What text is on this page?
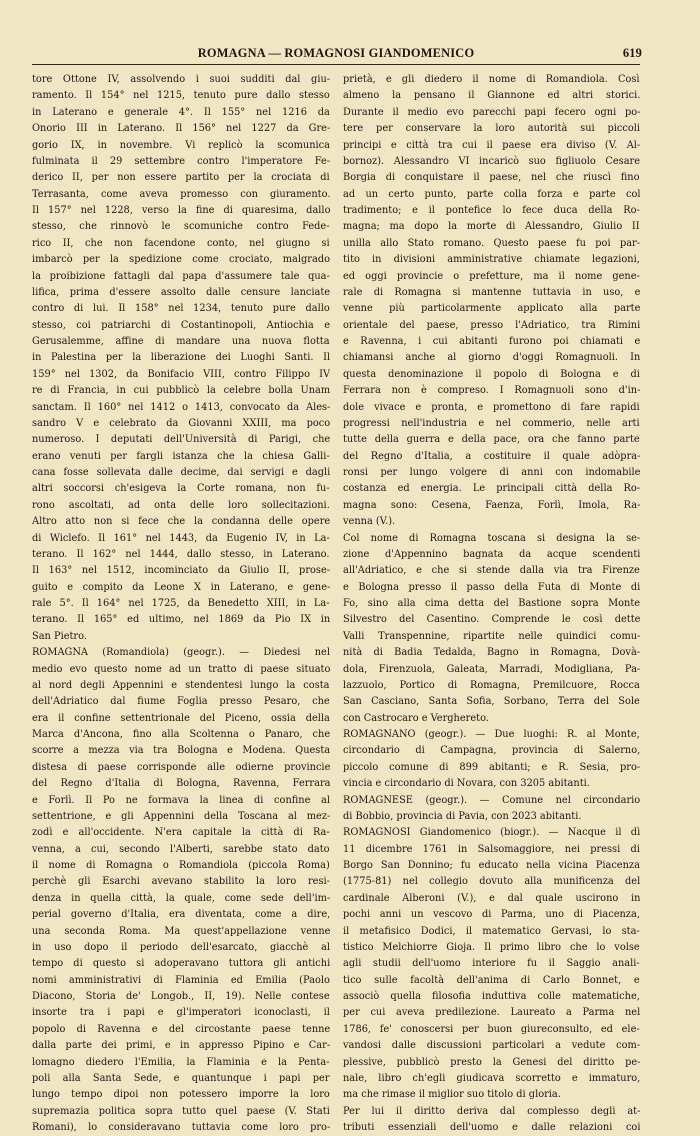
ROMAGNA — ROMAGNOSI GIANDOMENICO	619
tore Ottone IV, assolvendo i suoi sudditi dal giu-
ramento. Il 154° nel 1215, tenuto pure dallo stesso
in Laterano e generale 4°. Il 155° nel 1216 da
Onorio III in Laterano. Il 156° nel 1227 da Gre-
gorio IX, in novembre. Vi replicò la scomunica
fulminata il 29 settembre contro l'imperatore Fe-
derico II, per non essere partito per la crociata di
Terrasanta, come aveva promesso con giuramento.
Il 157° nel 1228, verso la fine di quaresima, dallo
stesso, che rinnovò le scomuniche contro Fede-
rico II, che non facendone conto, nel giugno si
imbarcò per la spedizione come crociato, malgrado
la proibizione fattagli dal papa d'assumere tale qua-
lifica, prima d'essere assolto dalle censure lanciate
contro di lui. Il 158° nel 1234, tenuto pure dallo
stesso, coi patriarchi di Costantinopoli, Antiochia e
Gerusalemme, affine di mandare una nuova flotta
in Palestina per la liberazione dei Luoghi Santi. Il
159° nel 1302, da Bonifacio VIII, contro Filippo IV
re di Francia, in cui pubblicò la celebre bolla Unam
sanctam. Il 160° nel 1412 o 1413, convocato da Ales-
sandro V e celebrato da Giovanni XXIII, ma poco
numeroso. I deputati dell'Università di Parigi, che
erano venuti per fargli istanza che la chiesa Galli-
cana fosse sollevata dalle decime, dai servigi e dagli
altri soccorsi ch'esigeva la Corte romana, non fu-
rono ascoltati, ad onta delle loro sollecitazioni.
Altro atto non si fece che la condanna delle opere
di Wiclefo. Il 161° nel 1443, da Eugenio IV, in La-
terano. Il 162° nel 1444, dallo stesso, in Laterano.
Il 163° nel 1512, incominciato da Giulio II, prose-
guito e compito da Leone X in Laterano, e gene-
rale 5°. Il 164° nel 1725, da Benedetto XIII, in La-
terano. Il 165° ed ultimo, nel 1869 da Pio IX in
San Pietro.
ROMAGNA (Romandiola) (geogr.). — Diedesi nel
medio evo questo nome ad un tratto di paese situato
al nord degli Appennini e stendentesi lungo la costa
dell'Adriatico dal fiume Foglia presso Pesaro, che
era il confine settentrionale del Piceno, ossia della
Marca d'Ancona, fino alla Scoltenna o Panaro, che
scorre a mezza via tra Bologna e Modena. Questa
distesa di paese corrisponde alle odierne provincie
del Regno d'Italia di Bologna, Ravenna, Ferrara
e Forlì. Il Po ne formava la linea di confine al
settentrione, e gli Appennini della Toscana al mez-
zodì e all'occidente. N'era capitale la città di Ra-
venna, a cui, secondo l'Alberti, sarebbe stato dato
il nome di Romagna o Romandiola (piccola Roma)
perchè gli Esarchi avevano stabilito la loro resi-
denza in quella città, la quale, come sede dell'im-
perial governo d'Italia, era diventata, come a dire,
una seconda Roma. Ma quest'appellazione venne
in uso dopo il periodo dell'esarcato, giacchè al
tempo di questo si adoperavano tuttora gli antichi
nomi amministrativi di Flaminia ed Emilia (Paolo
Diacono, Storia de' Longob., II, 19). Nelle contese
insorte tra i papi e gl'imperatori iconoclasti, il
popolo di Ravenna e del circostante paese tenne
dalla parte dei primi, e in appresso Pipino e Car-
lomagno diedero l'Emilia, la Flaminia e la Penta-
poli alla Santa Sede, e quantunque i papi per
lungo tempo dipoi non potessero imporre la loro
supremazia politica sopra tutto quel paese (V. Stati
Romani), lo consideravano tuttavia come loro pro-
prietà, e gli diedero il nome di Romandiola. Così
almeno la pensano il Giannone ed altri storici.
Durante il medio evo parecchi papi fecero ogni po-
tere per conservare la loro autorità sui piccoli
principi e città tra cui il paese era diviso (V. Al-
bornoz). Alessandro VI incaricò suo figliuolo Cesare
Borgia di conquistare il paese, nel che riuscì fino
ad un certo punto, parte colla forza e parte col
tradimento; e il pontefice lo fece duca della Ro-
magna; ma dopo la morte di Alessandro, Giulio II
unilla allo Stato romano. Questo paese fu poi par-
tito in divisioni amministrative chiamate legazioni,
ed oggi provincie o prefetture, ma il nome gene-
rale di Romagna si mantenne tuttavia in uso, e
venne più particolarmente applicato alla parte
orientale del paese, presso l'Adriatico, tra Rimini
e Ravenna, i cui abitanti furono poi chiamati e
chiamansi anche al giorno d'oggi Romagnuoli. In
questa denominazione il popolo di Bologna e di
Ferrara non è compreso. I Romagnuoli sono d'in-
dole vivace e pronta, e promettono di fare rapidi
progressi nell'industria e nel commerio, nelle arti
tutte della guerra e della pace, ora che fanno parte
del Regno d'Italia, a costituire il quale adòpra-
ronsi per lungo volgere di anni con indomabile
costanza ed energia. Le principali città della Ro-
magna sono: Cesena, Faenza, Forlì, Imola, Ra-
venna (V.).
Col nome di Romagna toscana si designa la se-
zione d'Appennino bagnata da acque scendenti
all'Adriatico, e che si stende dalla via tra Firenze
e Bologna presso il passo della Futa di Monte di
Fo, sino alla cima detta del Bastione sopra Monte
Silvestro del Casentino. Comprende le così dette
Valli Transpennine, ripartite nelle quindici comu-
nità di Badia Tedalda, Bagno in Romagna, Dovà-
dola, Firenzuola, Galeata, Marradi, Modigliana, Pa-
lazzuolo, Portico di Romagna, Premilcuore, Rocca
San Casciano, Santa Sofia, Sorbano, Terra del Sole
con Castrocaro e Verghereto.
ROMAGNANO (geogr.). — Due luoghi: R. al Monte,
circondario di Campagna, provincia di Salerno,
piccolo comune di 899 abitanti; e R. Sesia, pro-
vincia e circondario di Novara, con 3205 abitanti.
ROMAGNESE (geogr.). — Comune nel circondario
di Bobbio, provincia di Pavia, con 2023 abitanti.
ROMAGNOSI Giandomenico (biogr.). — Nacque il dì
11 dicembre 1761 in Salsomaggiore, nei pressi di
Borgo San Donnino; fu educato nella vicina Piacenza
(1775-81) nel collegio dovuto alla munificenza del
cardinale Alberoni (V.), e dal quale uscirono in
pochi anni un vescovo di Parma, uno di Piacenza,
il metafisico Dodici, il matematico Gervasi, lo sta-
tistico Melchiorre Gioja. Il primo libro che lo volse
agli studii dell'uomo interiore fu il Saggio anali-
tico sulle facoltà dell'anima di Carlo Bonnet, e
associò quella filosofia induttiva colle matematiche,
per cui aveva predilezione. Laureato a Parma nel
1786, fe' conoscersi per buon giureconsulto, ed ele-
vandosi dalle discussioni particolari a vedute com-
plessive, pubblicò presto la Genesi del diritto pe-
nale, libro ch'egli giudicava scorretto e immaturo,
ma che rimase il miglior suo titolo di gloria.
Per lui il diritto deriva dal complesso degli at-
tributi essenziali dell'uomo e dalle relazioni coi
